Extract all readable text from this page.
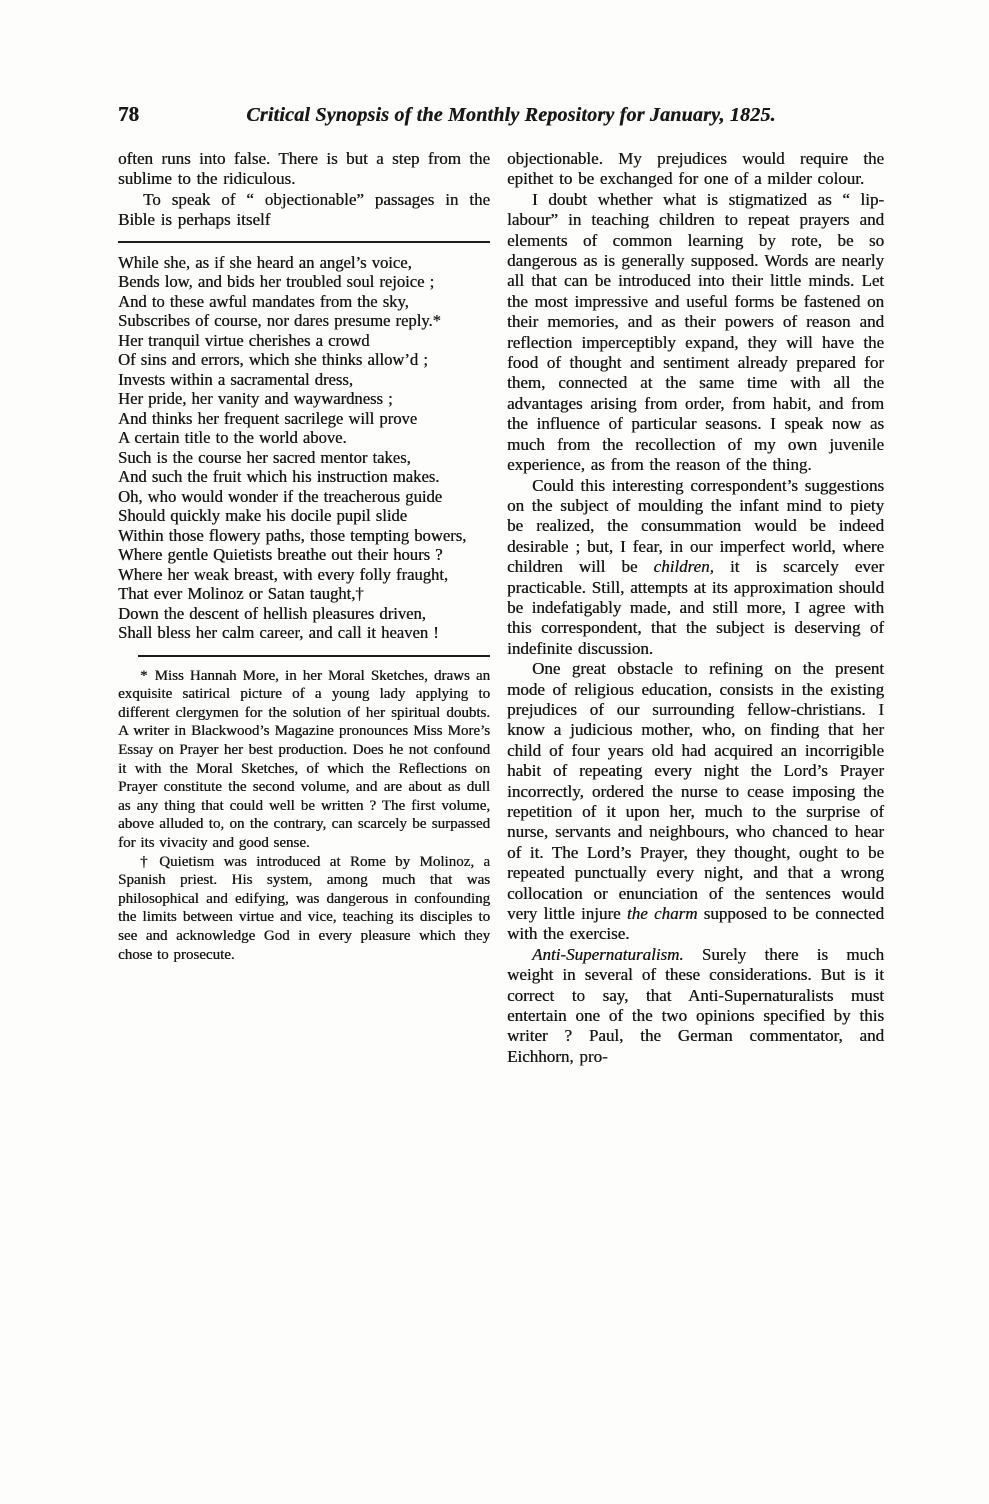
78	Critical Synopsis of the Monthly Repository for January, 1825.

often runs into false. There is but a step from the sublime to the ridiculous.

To speak of “ objectionable” passages in the Bible is perhaps itself

While she, as if she heard an angel’s voice,
Bends low, and bids her troubled soul rejoice ;
And to these awful mandates from the sky,
Subscribes of course, nor dares presume reply.*
Her tranquil virtue cherishes a crowd
Of sins and errors, which she thinks allow’d ;
Invests within a sacramental dress,
Her pride, her vanity and waywardness ;
And thinks her frequent sacrilege will prove
A certain title to the world above.
Such is the course her sacred mentor takes,
And such the fruit which his instruction makes.
Oh, who would wonder if the treacherous guide
Should quickly make his docile pupil slide
Within those flowery paths, those tempting bowers,
Where gentle Quietists breathe out their hours ?
Where her weak breast, with every folly fraught,
That ever Molinoz or Satan taught,†
Down the descent of hellish pleasures driven,
Shall bless her calm career, and call it heaven !

* Miss Hannah More, in her Moral Sketches, draws an exquisite satirical picture of a young lady applying to different clergymen for the solution of her spiritual doubts. A writer in Blackwood’s Magazine pronounces Miss More’s Essay on Prayer her best production. Does he not confound it with the Moral Sketches, of which the Reflections on Prayer constitute the second volume, and are about as dull as any thing that could well be written ? The first volume, above alluded to, on the contrary, can scarcely be surpassed for its vivacity and good sense.

† Quietism was introduced at Rome by Molinoz, a Spanish priest. His system, among much that was philosophical and edifying, was dangerous in confounding the limits between virtue and vice, teaching its disciples to see and acknowledge God in every pleasure which they chose to prosecute.

objectionable. My prejudices would require the epithet to be exchanged for one of a milder colour.

I doubt whether what is stigmatized as “ lip-labour” in teaching children to repeat prayers and elements of common learning by rote, be so dangerous as is generally supposed. Words are nearly all that can be introduced into their little minds. Let the most impressive and useful forms be fastened on their memories, and as their powers of reason and reflection imperceptibly expand, they will have the food of thought and sentiment already prepared for them, connected at the same time with all the advantages arising from order, from habit, and from the influence of particular seasons. I speak now as much from the recollection of my own juvenile experience, as from the reason of the thing.

Could this interesting correspondent’s suggestions on the subject of moulding the infant mind to piety be realized, the consummation would be indeed desirable ; but, I fear, in our imperfect world, where children will be children, it is scarcely ever practicable. Still, attempts at its approximation should be indefatigably made, and still more, I agree with this correspondent, that the subject is deserving of indefinite discussion.

One great obstacle to refining on the present mode of religious education, consists in the existing prejudices of our surrounding fellow-christians. I know a judicious mother, who, on finding that her child of four years old had acquired an incorrigible habit of repeating every night the Lord’s Prayer incorrectly, ordered the nurse to cease imposing the repetition of it upon her, much to the surprise of nurse, servants and neighbours, who chanced to hear of it. The Lord’s Prayer, they thought, ought to be repeated punctually every night, and that a wrong collocation or enunciation of the sentences would very little injure the charm supposed to be connected with the exercise.

Anti-Supernaturalism. Surely there is much weight in several of these considerations. But is it correct to say, that Anti-Supernaturalists must entertain one of the two opinions specified by this writer ? Paul, the German commentator, and Eichhorn, pro-
